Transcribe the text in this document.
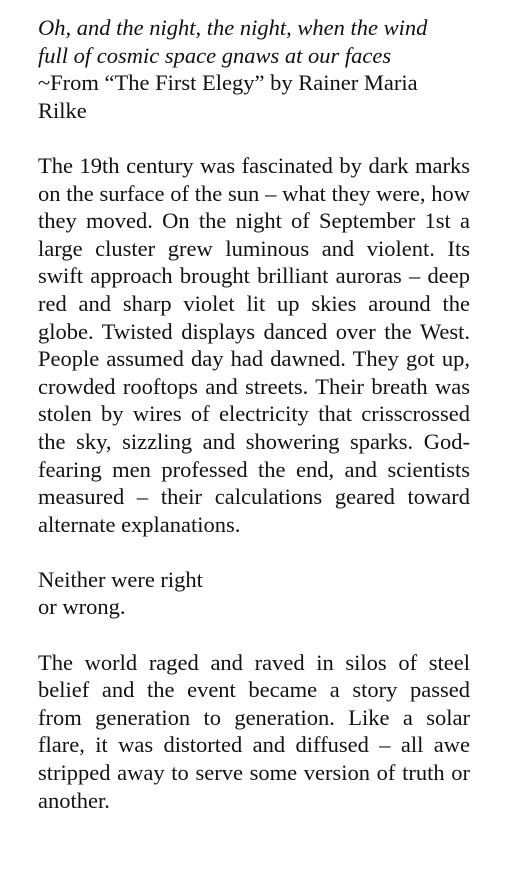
Oh, and the night, the night, when the wind
full of cosmic space gnaws at our faces
~From “The First Elegy” by Rainer Maria Rilke

The 19th century was fascinated by dark marks on the surface of the sun – what they were, how they moved. On the night of September 1st a large cluster grew luminous and violent. Its swift approach brought brilliant auroras – deep red and sharp violet lit up skies around the globe. Twisted displays danced over the West. People assumed day had dawned. They got up, crowded rooftops and streets. Their breath was stolen by wires of electricity that crisscrossed the sky, sizzling and showering sparks. God-fearing men professed the end, and scientists measured – their calculations geared toward alternate explanations.

Neither were right
or wrong.

The world raged and raved in silos of steel belief and the event became a story passed from generation to generation. Like a solar flare, it was distorted and diffused – all awe stripped away to serve some version of truth or another.
